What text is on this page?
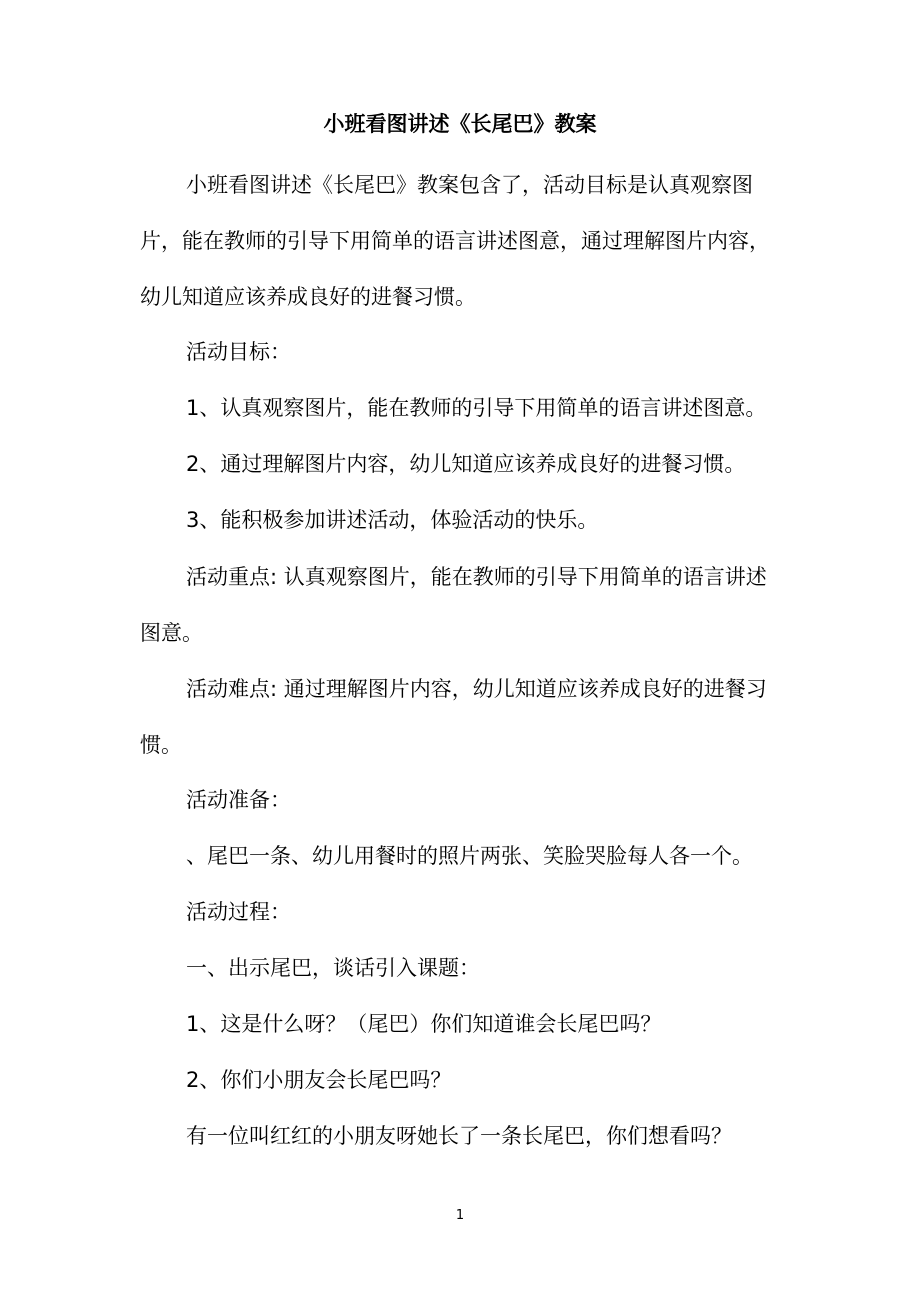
小班看图讲述《长尾巴》教案

小班看图讲述《长尾巴》教案包含了，活动目标是认真观察图片，能在教师的引导下用简单的语言讲述图意，通过理解图片内容，幼儿知道应该养成良好的进餐习惯。

活动目标：

1、认真观察图片，能在教师的引导下用简单的语言讲述图意。

2、通过理解图片内容，幼儿知道应该养成良好的进餐习惯。

3、能积极参加讲述活动，体验活动的快乐。

活动重点: 认真观察图片，能在教师的引导下用简单的语言讲述图意。

活动难点: 通过理解图片内容，幼儿知道应该养成良好的进餐习惯。

活动准备：

、尾巴一条、幼儿用餐时的照片两张、笑脸哭脸每人各一个。

活动过程：

一、出示尾巴，谈话引入课题：

1、这是什么呀？（尾巴）你们知道谁会长尾巴吗？

2、你们小朋友会长尾巴吗？

有一位叫红红的小朋友呀她长了一条长尾巴，你们想看吗？

1
